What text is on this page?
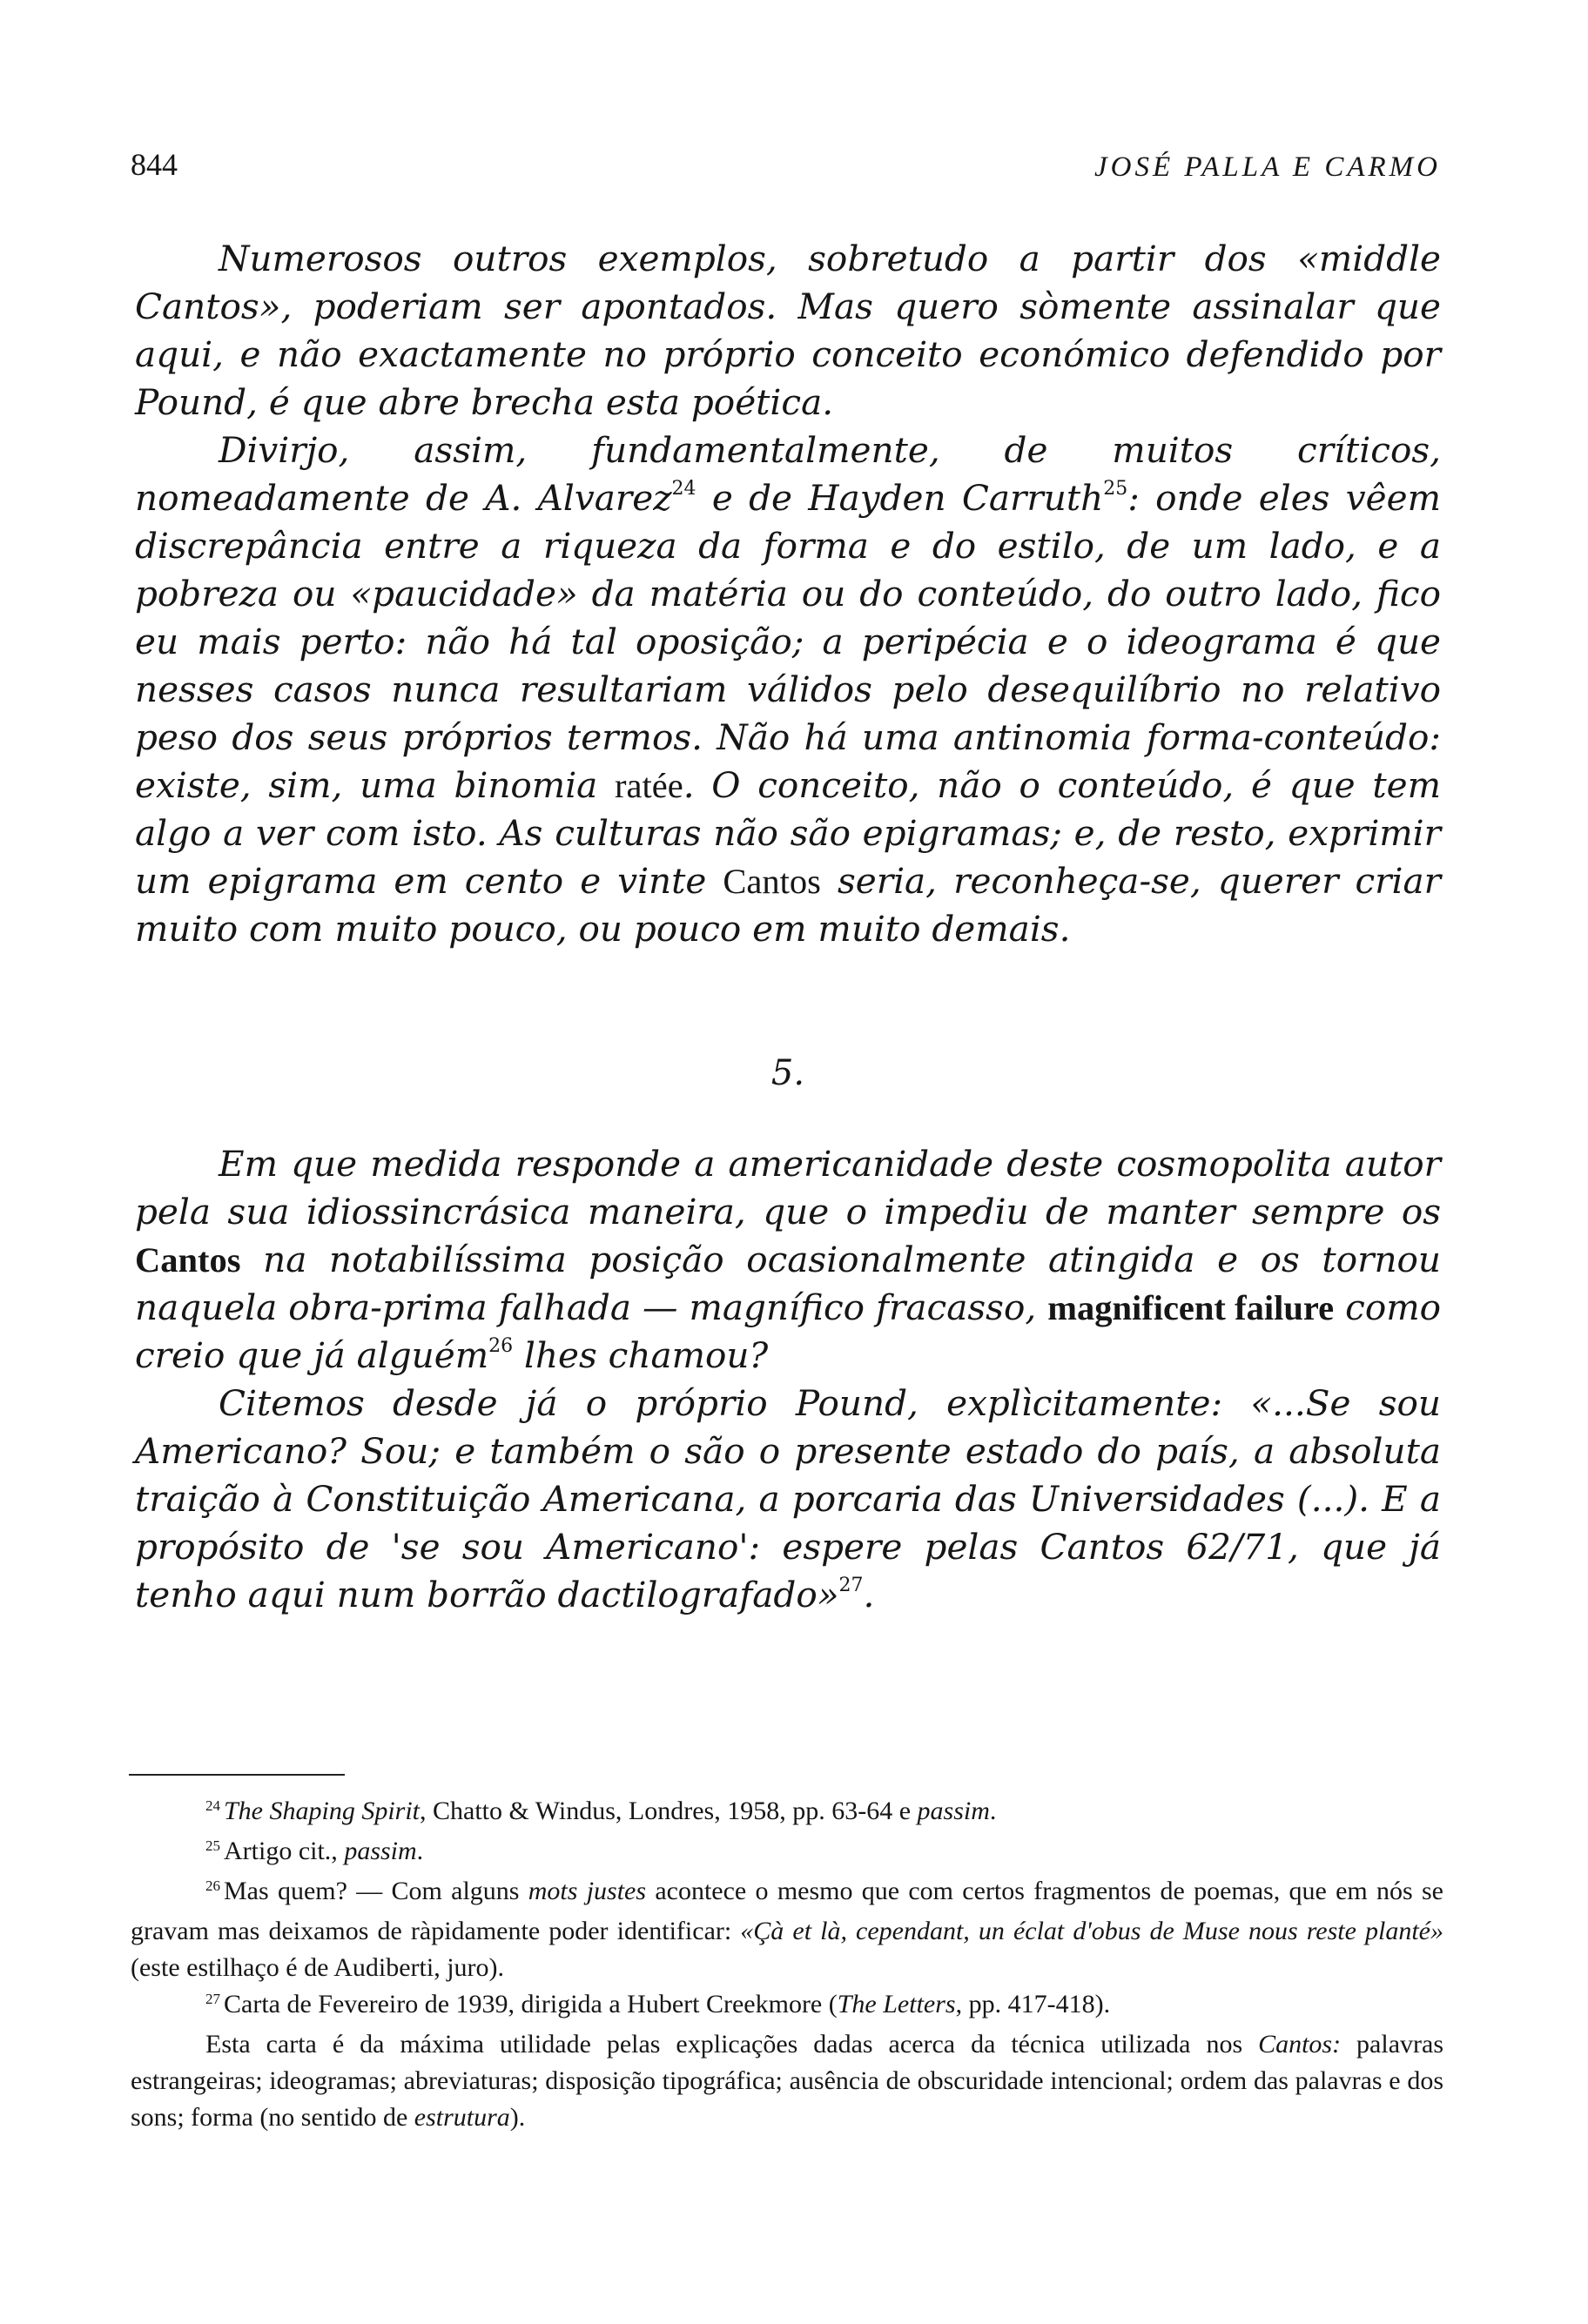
844	JOSÉ PALLA E CARMO

Numerosos outros exemplos, sobretudo a partir dos «middle Cantos», poderiam ser apontados. Mas quero sòmente assinalar que aqui, e não exactamente no próprio conceito económico defendido por Pound, é que abre brecha esta poética.

Divirjo, assim, fundamentalmente, de muitos críticos, nomeadamente de A. Alvarez$^{24}$ e de Hayden Carruth$^{25}$: onde eles vêem discrepância entre a riqueza da forma e do estilo, de um lado, e a pobreza ou «paucidade» da matéria ou do conteúdo, do outro lado, fico eu mais perto: não há tal oposição; a peripécia e o ideograma é que nesses casos nunca resultariam válidos pelo desequilíbrio no relativo peso dos seus próprios termos. Não há uma antinomia forma-conteúdo: existe, sim, uma binomia ratée. O conceito, não o conteúdo, é que tem algo a ver com isto. As culturas não são epigramas; e, de resto, exprimir um epigrama em cento e vinte Cantos seria, reconheça-se, querer criar muito com muito pouco, ou pouco em muito demais.

5.

Em que medida responde a americanidade deste cosmopolita autor pela sua idiossincrásica maneira, que o impediu de manter sempre os Cantos na notabilíssima posição ocasionalmente atingida e os tornou naquela obra-prima falhada — magnífico fracasso, magnificent failure como creio que já alguém$^{26}$ lhes chamou?

Citemos desde já o próprio Pound, explìcitamente: «...Se sou Americano? Sou; e também o são o presente estado do país, a absoluta traição à Constituição Americana, a porcaria das Universidades (...). E a propósito de 'se sou Americano': espere pelas Cantos 62/71, que já tenho aqui num borrão dactilografado»$^{27}$.

$^{24}$ The Shaping Spirit, Chatto & Windus, Londres, 1958, pp. 63-64 e passim.

$^{25}$ Artigo cit., passim.

$^{26}$ Mas quem? — Com alguns mots justes acontece o mesmo que com certos fragmentos de poemas, que em nós se gravam mas deixamos de ràpidamente poder identificar: «Çà et là, cependant, un éclat d'obus de Muse nous reste planté» (este estilhaço é de Audiberti, juro).

$^{27}$ Carta de Fevereiro de 1939, dirigida a Hubert Creekmore (The Letters, pp. 417-418).

Esta carta é da máxima utilidade pelas explicações dadas acerca da técnica utilizada nos Cantos: palavras estrangeiras; ideogramas; abreviaturas; disposição tipográfica; ausência de obscuridade intencional; ordem das palavras e dos sons; forma (no sentido de estrutura).
